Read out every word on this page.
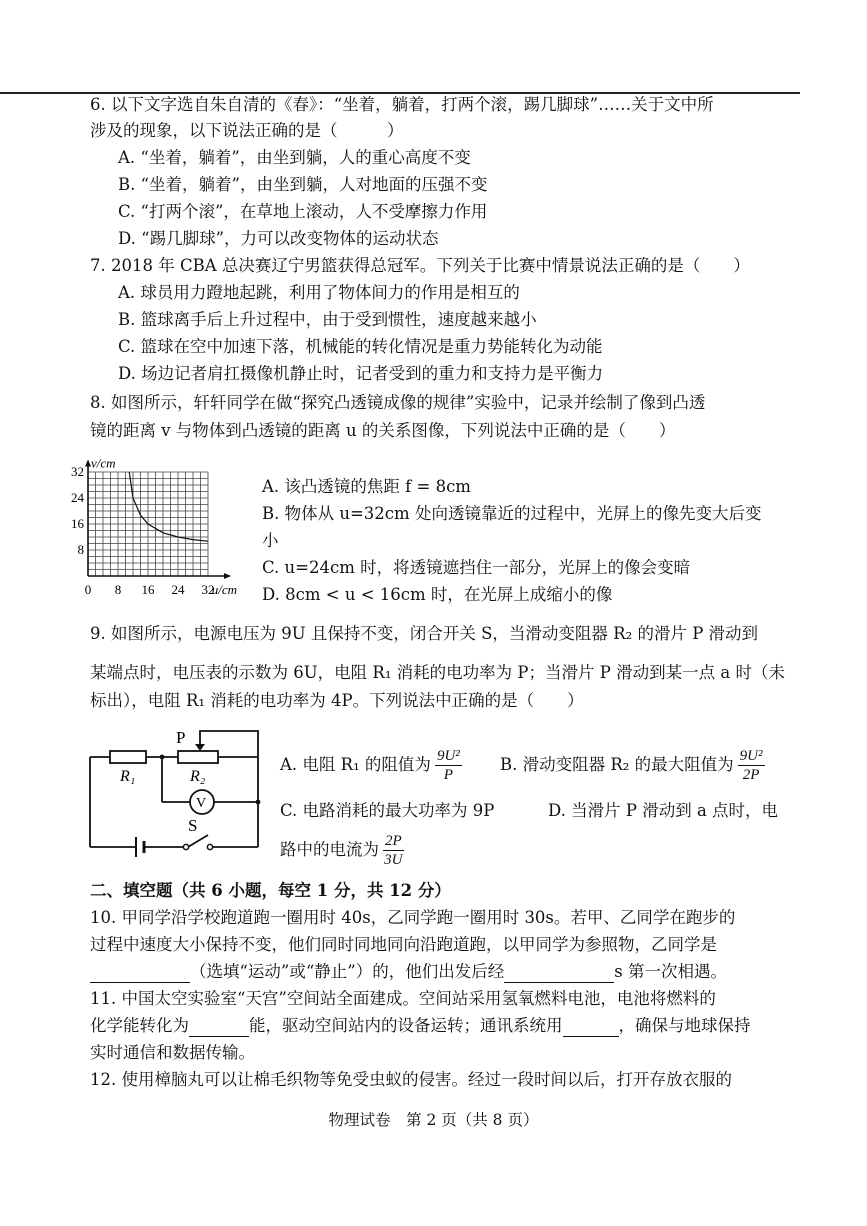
6. 以下文字选自朱自清的《春》：“坐着，躺着，打两个滚，踢几脚球”……关于文中所
涉及的现象，以下说法正确的是（　　　）
A. “坐着，躺着”，由坐到躺，人的重心高度不变
B. “坐着，躺着”，由坐到躺，人对地面的压强不变
C. “打两个滚”，在草地上滚动，人不受摩擦力作用
D. “踢几脚球”，力可以改变物体的运动状态
7. 2018 年 CBA 总决赛辽宁男篮获得总冠军。下列关于比赛中情景说法正确的是（　　）
A. 球员用力蹬地起跳，利用了物体间力的作用是相互的
B. 篮球离手后上升过程中，由于受到惯性，速度越来越小
C. 篮球在空中加速下落，机械能的转化情况是重力势能转化为动能
D. 场边记者肩扛摄像机静止时，记者受到的重力和支持力是平衡力
8. 如图所示，轩轩同学在做“探究凸透镜成像的规律”实验中，记录并绘制了像到凸透
镜的距离 v 与物体到凸透镜的距离 u 的关系图像，下列说法中正确的是（　　）
0 8 16 24 32
8
16
24
32
u/cm
v/cm
A. 该凸透镜的焦距 f = 8cm
B. 物体从 u=32cm 处向透镜靠近的过程中，光屏上的像先变大后变
小
C. u=24cm 时，将透镜遮挡住一部分，光屏上的像会变暗
D. 8cm < u < 16cm 时，在光屏上成缩小的像
9. 如图所示，电源电压为 9U 且保持不变，闭合开关 S，当滑动变阻器 R₂ 的滑片 P 滑动到
某端点时，电压表的示数为 6U，电阻 R₁ 消耗的电功率为 P；当滑片 P 滑动到某一点 a 时（未
标出），电阻 R₁ 消耗的电功率为 4P。下列说法中正确的是（　　）
P
R₁	R₂
V
S
A. 电阻 R₁ 的阻值为 $\frac{\text{9U²}}{P} B$. 滑动变阻器 R₂ 的最大阻值为 $\frac{\text{9U²}}{2P}$
C. 电路消耗的最大功率为 9P	D. 当滑片 P 滑动到 a 点时，电
路中的电流为 $\frac{2P}{3U}$
二、填空题（共 6 小题，每空 1 分，共 12 分）
10. 甲同学沿学校跑道跑一圈用时 40s，乙同学跑一圈用时 30s。若甲、乙同学在跑步的
过程中速度大小保持不变，他们同时同地同向沿跑道跑，以甲同学为参照物，乙同学是
（选填“运动”或“静止”）的，他们出发后经	s 第一次相遇。
11. 中国太空实验室“天宫”空间站全面建成。空间站采用氢氧燃料电池，电池将燃料的
化学能转化为	能，驱动空间站内的设备运转；通讯系统用	，确保与地球保持
实时通信和数据传输。
12. 使用樟脑丸可以让棉毛织物等免受虫蚁的侵害。经过一段时间以后，打开存放衣服的
物理试卷　第 2 页（共 8 页）
